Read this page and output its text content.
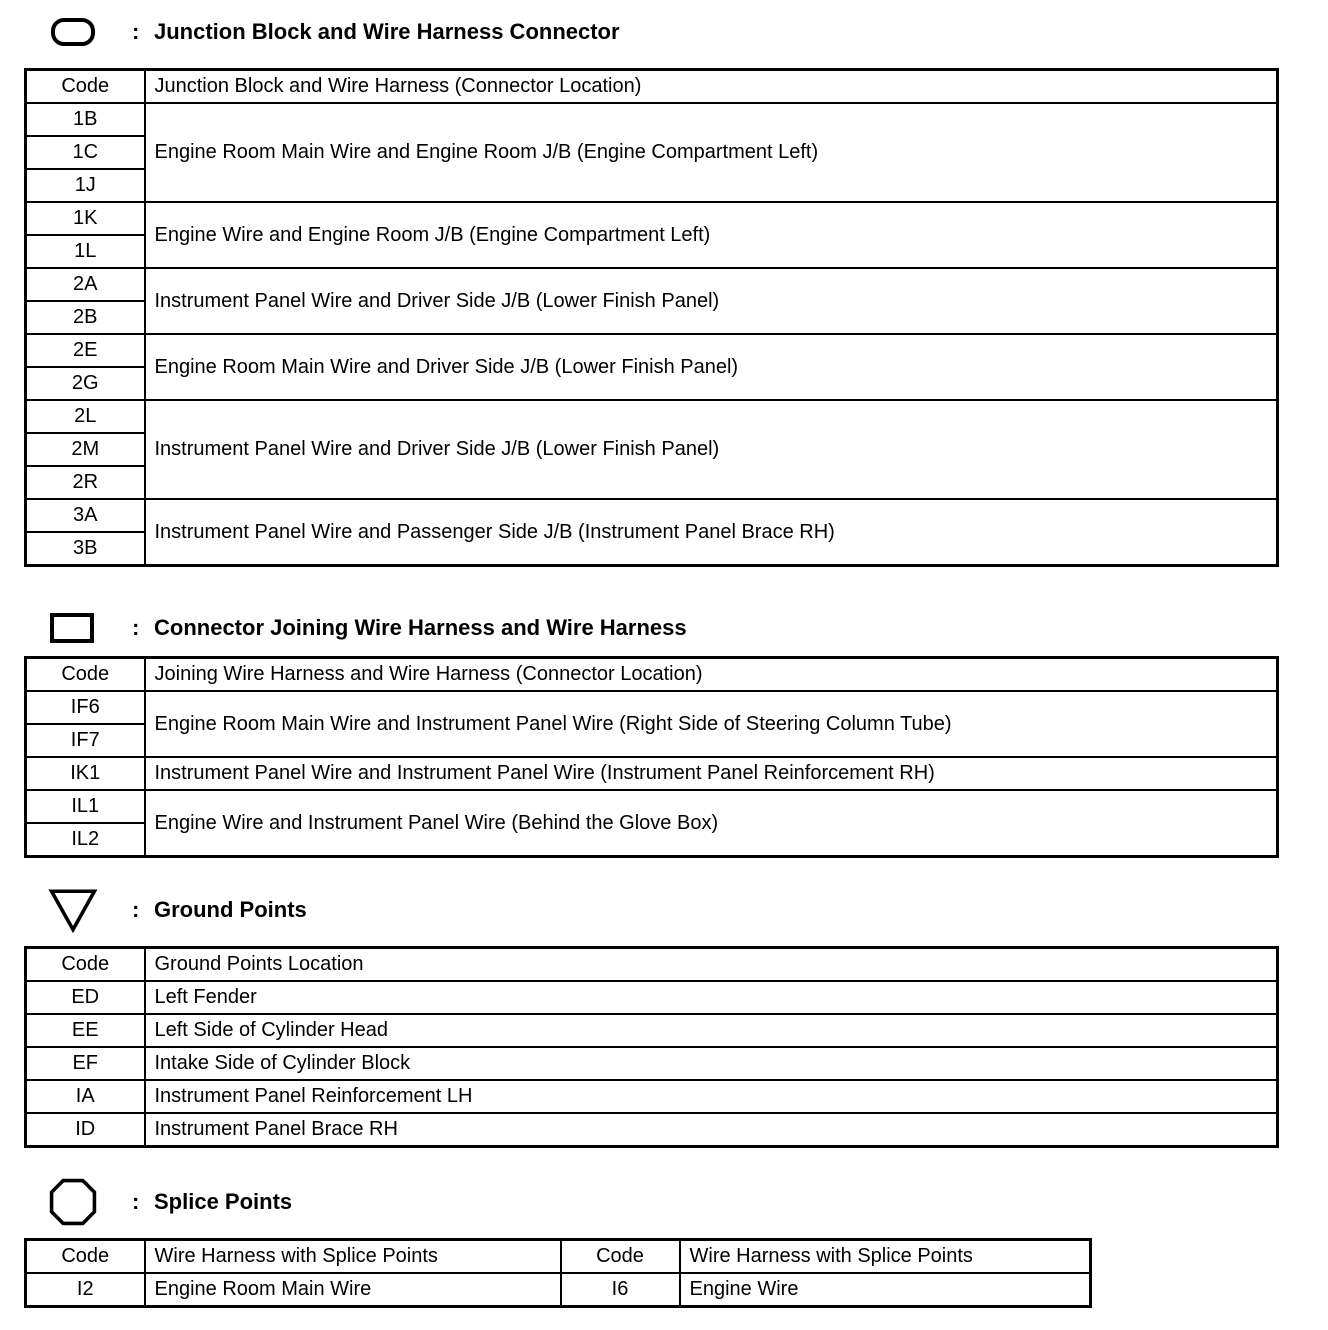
: Junction Block and Wire Harness Connector
Code	Junction Block and Wire Harness (Connector Location)
1B	Engine Room Main Wire and Engine Room J/B (Engine Compartment Left)
1C	
1J	
1K	Engine Wire and Engine Room J/B (Engine Compartment Left)
1L	
2A	Instrument Panel Wire and Driver Side J/B (Lower Finish Panel)
2B	
2E	Engine Room Main Wire and Driver Side J/B (Lower Finish Panel)
2G	
2L	Instrument Panel Wire and Driver Side J/B (Lower Finish Panel)
2M	
2R	
3A	Instrument Panel Wire and Passenger Side J/B (Instrument Panel Brace RH)
3B	
: Connector Joining Wire Harness and Wire Harness
Code	Joining Wire Harness and Wire Harness (Connector Location)
IF6	Engine Room Main Wire and Instrument Panel Wire (Right Side of Steering Column Tube)
IF7	
IK1	Instrument Panel Wire and Instrument Panel Wire (Instrument Panel Reinforcement RH)
IL1	Engine Wire and Instrument Panel Wire (Behind the Glove Box)
IL2	
: Ground Points
Code	Ground Points Location
ED	Left Fender
EE	Left Side of Cylinder Head
EF	Intake Side of Cylinder Block
IA	Instrument Panel Reinforcement LH
ID	Instrument Panel Brace RH
: Splice Points
Code	Wire Harness with Splice Points	Code	Wire Harness with Splice Points
I2	Engine Room Main Wire	I6	Engine Wire
